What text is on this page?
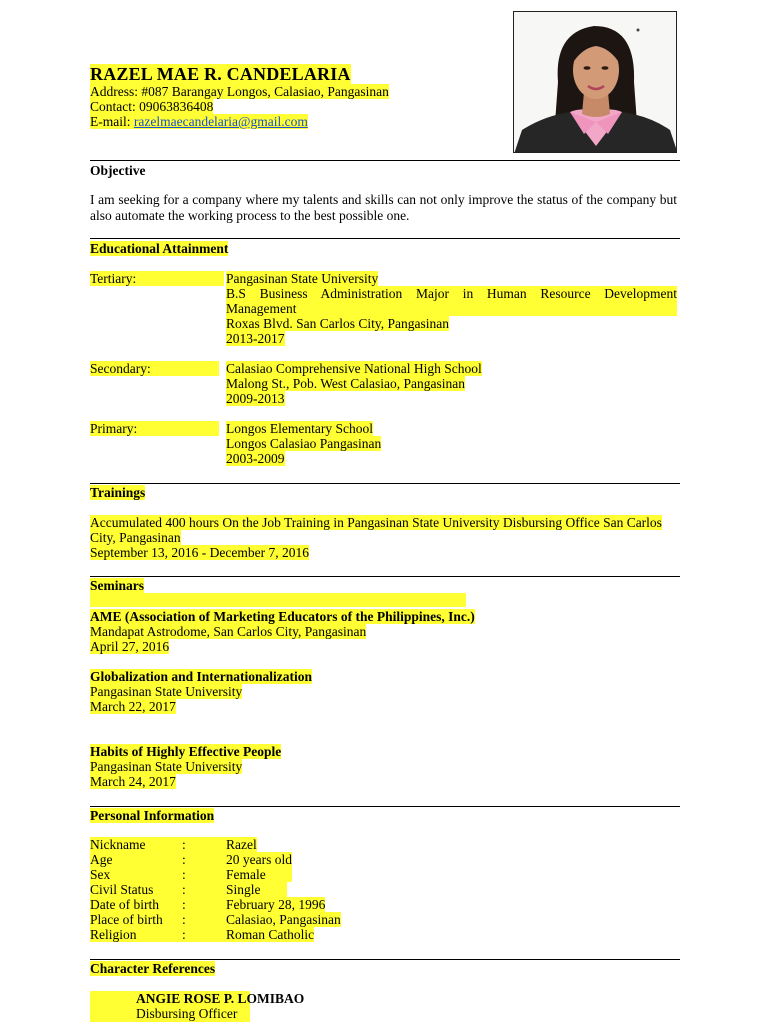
RAZEL MAE R. CANDELARIA
Address: #087 Barangay Longos, Calasiao, Pangasinan
Contact: 09063836408
E-mail: razelmaecandelaria@gmail.com
Objective
I am seeking for a company where my talents and skills can not only improve the status of the company but also automate the working process to the best possible one.
Educational Attainment
Tertiary:	Pangasinan State University
B.S Business Administration Major in Human Resource Development Management
Roxas Blvd. San Carlos City, Pangasinan
2013-2017
Secondary:	Calasiao Comprehensive National High School
Malong St., Pob. West Calasiao, Pangasinan
2009-2013
Primary:	Longos Elementary School
Longos Calasiao Pangasinan
2003-2009
Trainings
Accumulated 400 hours On the Job Training in Pangasinan State University Disbursing Office San Carlos City, Pangasinan
September 13, 2016 - December 7, 2016
Seminars
AME (Association of Marketing Educators of the Philippines, Inc.)
Mandapat Astrodome, San Carlos City, Pangasinan
April 27, 2016
Globalization and Internationalization
Pangasinan State University
March 22, 2017
Habits of Highly Effective People
Pangasinan State University
March 24, 2017
Personal Information
Nickname	:	Razel
Age	:	20 years old
Sex	:	Female
Civil Status	:	Single
Date of birth	:	February 28, 1996
Place of birth	:	Calasiao, Pangasinan
Religion	:	Roman Catholic
Character References
ANGIE ROSE P. LOMIBAO
Disbursing Officer
